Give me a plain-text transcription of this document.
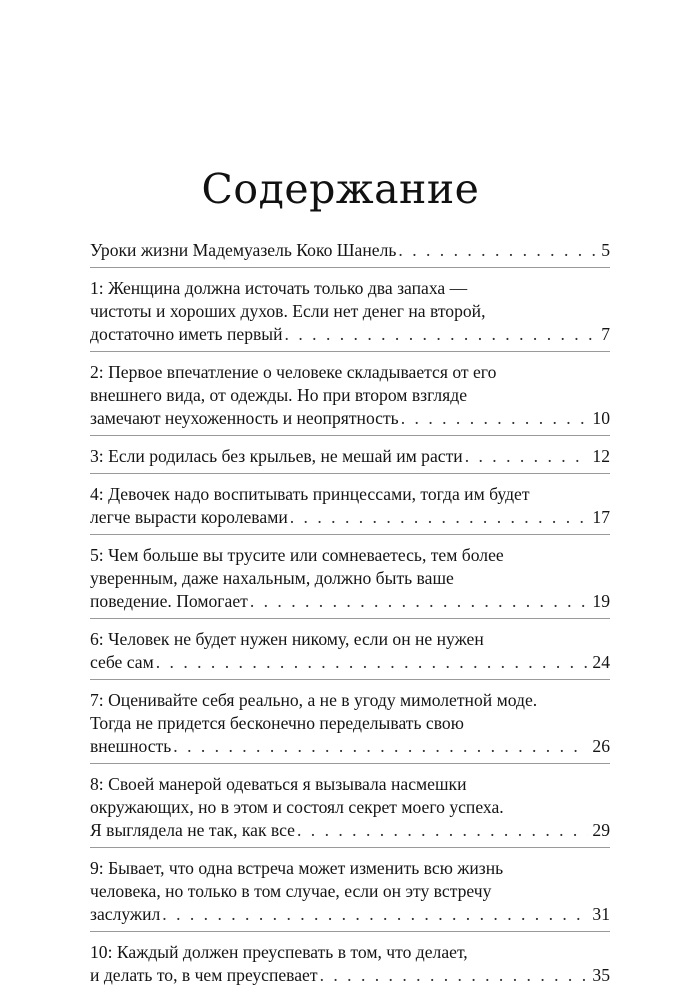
Содержание
Уроки жизни Мадемуазель Коко Шанель . . .	5
1: Женщина должна источать только два запаха —
чистоты и хороших духов. Если нет денег на второй,
достаточно иметь первый . . .	7
2: Первое впечатление о человеке складывается от его
внешнего вида, от одежды. Но при втором взгляде
замечают неухоженность и неопрятность . . .	10
3: Если родилась без крыльев, не мешай им расти . . .	12
4: Девочек надо воспитывать принцессами, тогда им будет
легче вырасти королевами . . .	17
5: Чем больше вы трусите или сомневаетесь, тем более
уверенным, даже нахальным, должно быть ваше
поведение. Помогает . . .	19
6: Человек не будет нужен никому, если он не нужен
себе сам . . .	24
7: Оценивайте себя реально, а не в угоду мимолетной моде.
Тогда не придется бесконечно переделывать свою
внешность . . .	26
8: Своей манерой одеваться я вызывала насмешки
окружающих, но в этом и состоял секрет моего успеха.
Я выглядела не так, как все . . .	29
9: Бывает, что одна встреча может изменить всю жизнь
человека, но только в том случае, если он эту встречу
заслужил . . .	31
10: Каждый должен преуспевать в том, что делает,
и делать то, в чем преуспевает . . .	35
